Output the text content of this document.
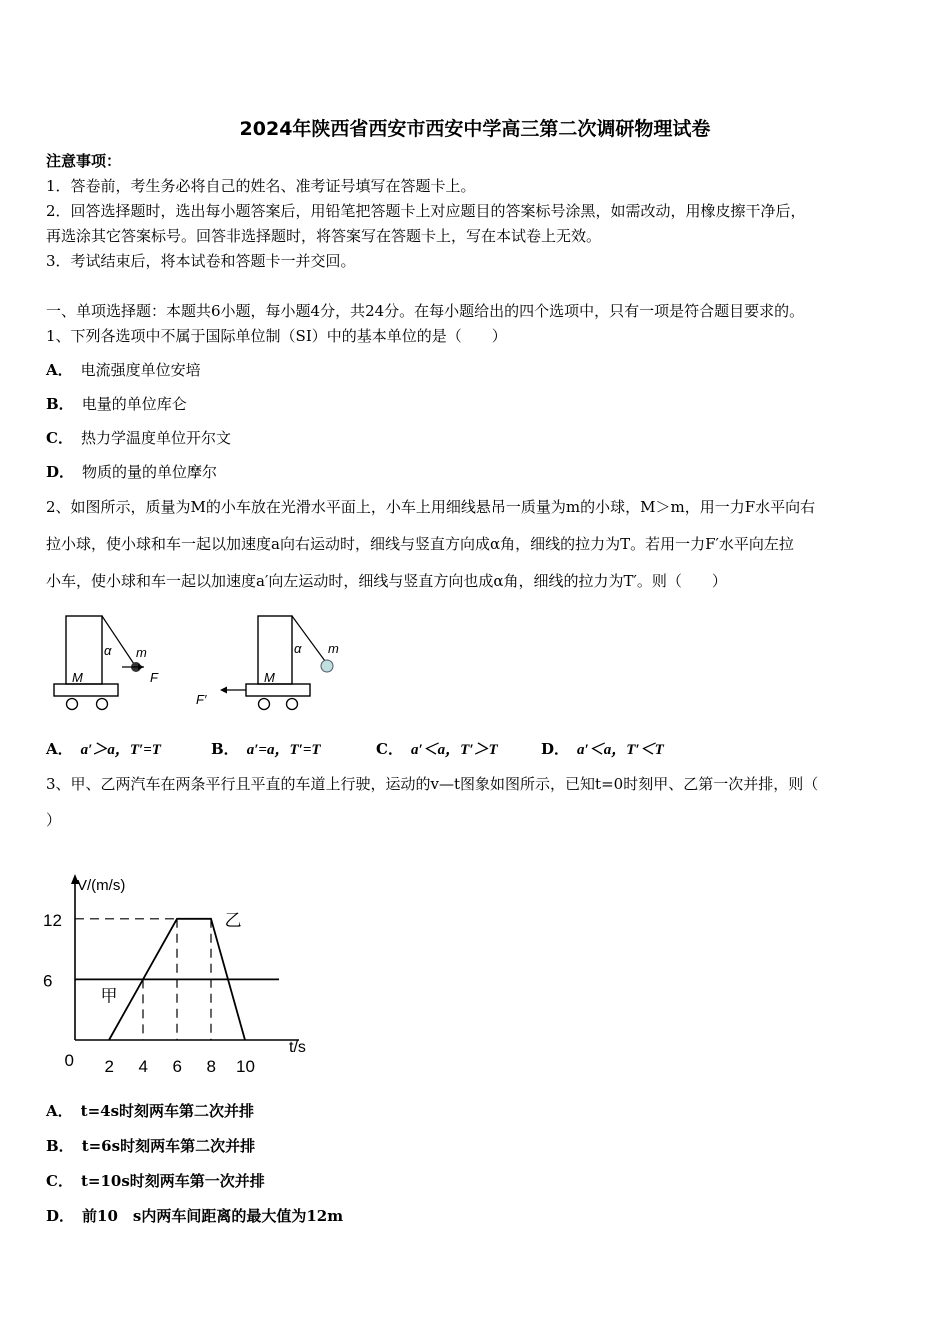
2024年陕西省西安市西安中学高三第二次调研物理试卷
注意事项：
1．答卷前，考生务必将自己的姓名、准考证号填写在答题卡上。
2．回答选择题时，选出每小题答案后，用铅笔把答题卡上对应题目的答案标号涂黑，如需改动，用橡皮擦干净后，
再选涂其它答案标号。回答非选择题时，将答案写在答题卡上，写在本试卷上无效。
3．考试结束后，将本试卷和答题卡一并交回。
一、单项选择题：本题共6小题，每小题4分，共24分。在每小题给出的四个选项中，只有一项是符合题目要求的。
1、下列各选项中不属于国际单位制（SI）中的基本单位的是（　　）
A． 电流强度单位安培
B． 电量的单位库仑
C． 热力学温度单位开尔文
D． 物质的量的单位摩尔
2、如图所示，质量为M的小车放在光滑水平面上，小车上用细线悬吊一质量为m的小球，M＞m，用一力F水平向右
拉小球，使小球和车一起以加速度a向右运动时，细线与竖直方向成α角，细线的拉力为T。若用一力F′水平向左拉
小车，使小球和车一起以加速度a′向左运动时，细线与竖直方向也成α角，细线的拉力为T′。则（　　）
α m
F
M
α m
M
F′
A． a′＞a，T′=T	B． a′=a，T′=T	C． a′＜a，T′＞T	D． a′＜a，T′＜T
3、甲、乙两汽车在两条平行且平直的车道上行驶，运动的v—t图象如图所示，已知t=0时刻甲、乙第一次并排，则（
）
V/(m/s)
t/s
甲
乙
12
6
0 2 4 6 8 10
A． t=4s时刻两车第二次并排
B． t=6s时刻两车第二次并排
C． t=10s时刻两车第一次并排
D． 前10　s内两车间距离的最大值为12m
